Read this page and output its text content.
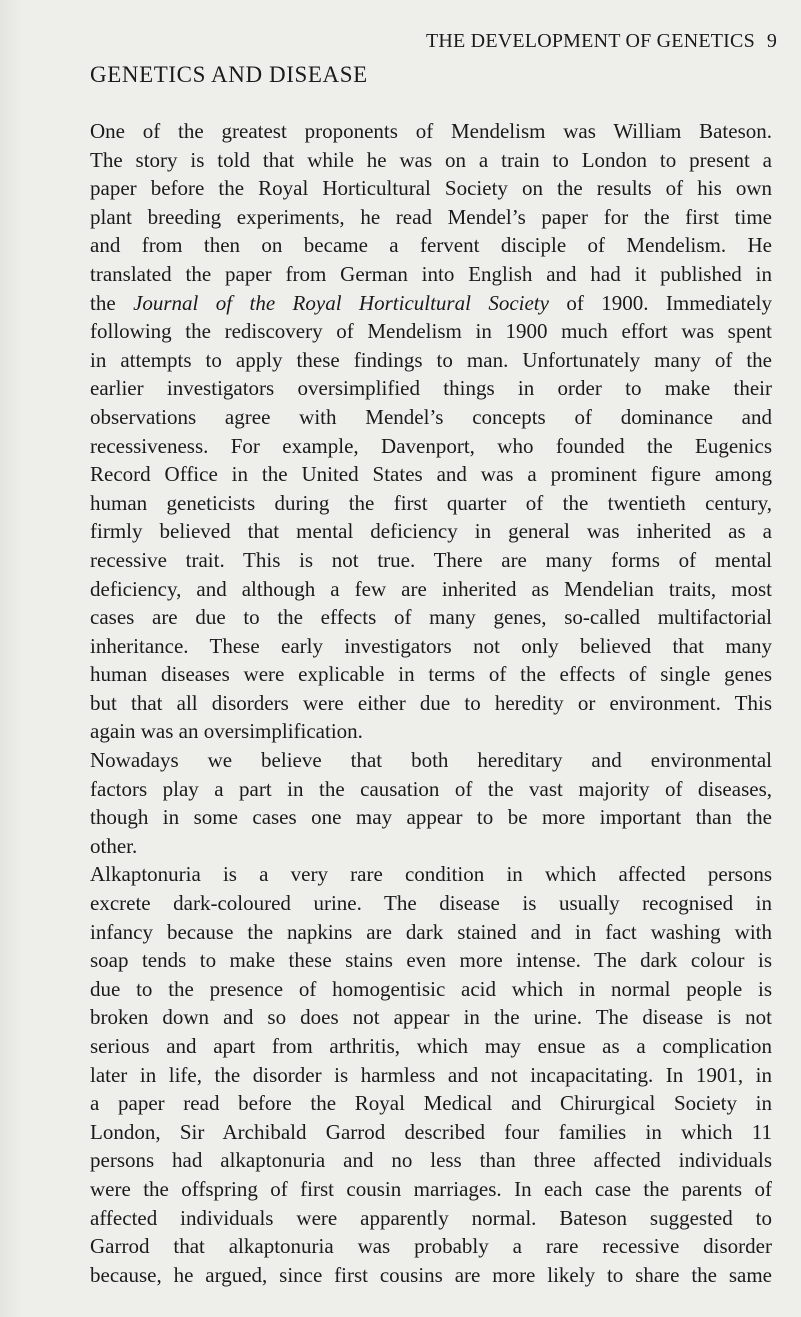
THE DEVELOPMENT OF GENETICS 9
GENETICS AND DISEASE
One of the greatest proponents of Mendelism was William Bateson.
The story is told that while he was on a train to London to present a
paper before the Royal Horticultural Society on the results of his own
plant breeding experiments, he read Mendel’s paper for the first time
and from then on became a fervent disciple of Mendelism. He
translated the paper from German into English and had it published in
the Journal of the Royal Horticultural Society of 1900. Immediately
following the rediscovery of Mendelism in 1900 much effort was spent
in attempts to apply these findings to man. Unfortunately many of the
earlier investigators oversimplified things in order to make their
observations agree with Mendel’s concepts of dominance and
recessiveness. For example, Davenport, who founded the Eugenics
Record Office in the United States and was a prominent figure among
human geneticists during the first quarter of the twentieth century,
firmly believed that mental deficiency in general was inherited as a
recessive trait. This is not true. There are many forms of mental
deficiency, and although a few are inherited as Mendelian traits, most
cases are due to the effects of many genes, so-called multifactorial
inheritance. These early investigators not only believed that many
human diseases were explicable in terms of the effects of single genes
but that all disorders were either due to heredity or environment. This
again was an oversimplification.
Nowadays we believe that both hereditary and environmental
factors play a part in the causation of the vast majority of diseases,
though in some cases one may appear to be more important than the
other.
Alkaptonuria is a very rare condition in which affected persons
excrete dark-coloured urine. The disease is usually recognised in
infancy because the napkins are dark stained and in fact washing with
soap tends to make these stains even more intense. The dark colour is
due to the presence of homogentisic acid which in normal people is
broken down and so does not appear in the urine. The disease is not
serious and apart from arthritis, which may ensue as a complication
later in life, the disorder is harmless and not incapacitating. In 1901, in
a paper read before the Royal Medical and Chirurgical Society in
London, Sir Archibald Garrod described four families in which 11
persons had alkaptonuria and no less than three affected individuals
were the offspring of first cousin marriages. In each case the parents of
affected individuals were apparently normal. Bateson suggested to
Garrod that alkaptonuria was probably a rare recessive disorder
because, he argued, since first cousins are more likely to share the same
